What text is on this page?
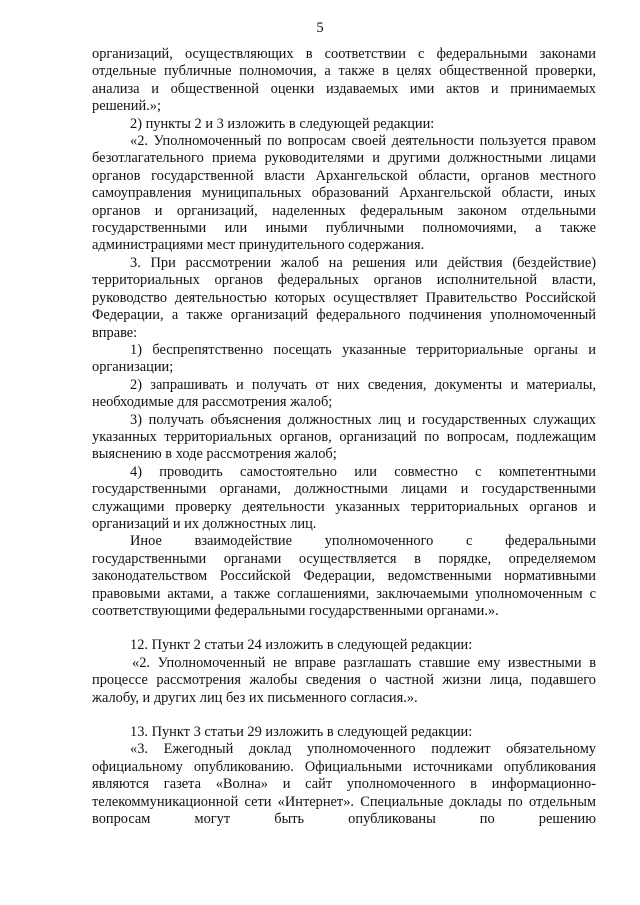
5

организаций, осуществляющих в соответствии с федеральными законами отдельные публичные полномочия, а также в целях общественной проверки, анализа и общественной оценки издаваемых ими актов и принимаемых решений.»;

2) пункты 2 и 3 изложить в следующей редакции:

«2. Уполномоченный по вопросам своей деятельности пользуется правом безотлагательного приема руководителями и другими должностными лицами органов государственной власти Архангельской области, органов местного самоуправления муниципальных образований Архангельской области, иных органов и организаций, наделенных федеральным законом отдельными государственными или иными публичными полномочиями, а также администрациями мест принудительного содержания.

3. При рассмотрении жалоб на решения или действия (бездействие) территориальных органов федеральных органов исполнительной власти, руководство деятельностью которых осуществляет Правительство Российской Федерации, а также организаций федерального подчинения уполномоченный вправе:

1) беспрепятственно посещать указанные территориальные органы и организации;

2) запрашивать и получать от них сведения, документы и материалы, необходимые для рассмотрения жалоб;

3) получать объяснения должностных лиц и государственных служащих указанных территориальных органов, организаций по вопросам, подлежащим выяснению в ходе рассмотрения жалоб;

4) проводить самостоятельно или совместно с компетентными государственными органами, должностными лицами и государственными служащими проверку деятельности указанных территориальных органов и организаций и их должностных лиц.

Иное взаимодействие уполномоченного с федеральными государственными органами осуществляется в порядке, определяемом законодательством Российской Федерации, ведомственными нормативными правовыми актами, а также соглашениями, заключаемыми уполномоченным с соответствующими федеральными государственными органами.».

12. Пункт 2 статьи 24 изложить в следующей редакции:

«2. Уполномоченный не вправе разглашать ставшие ему известными в процессе рассмотрения жалобы сведения о частной жизни лица, подавшего жалобу, и других лиц без их письменного согласия.».

13. Пункт 3 статьи 29 изложить в следующей редакции:

«3. Ежегодный доклад уполномоченного подлежит обязательному официальному опубликованию. Официальными источниками опубликования являются газета «Волна» и сайт уполномоченного в информационно-телекоммуникационной сети «Интернет». Специальные доклады по отдельным вопросам могут быть опубликованы по решению
